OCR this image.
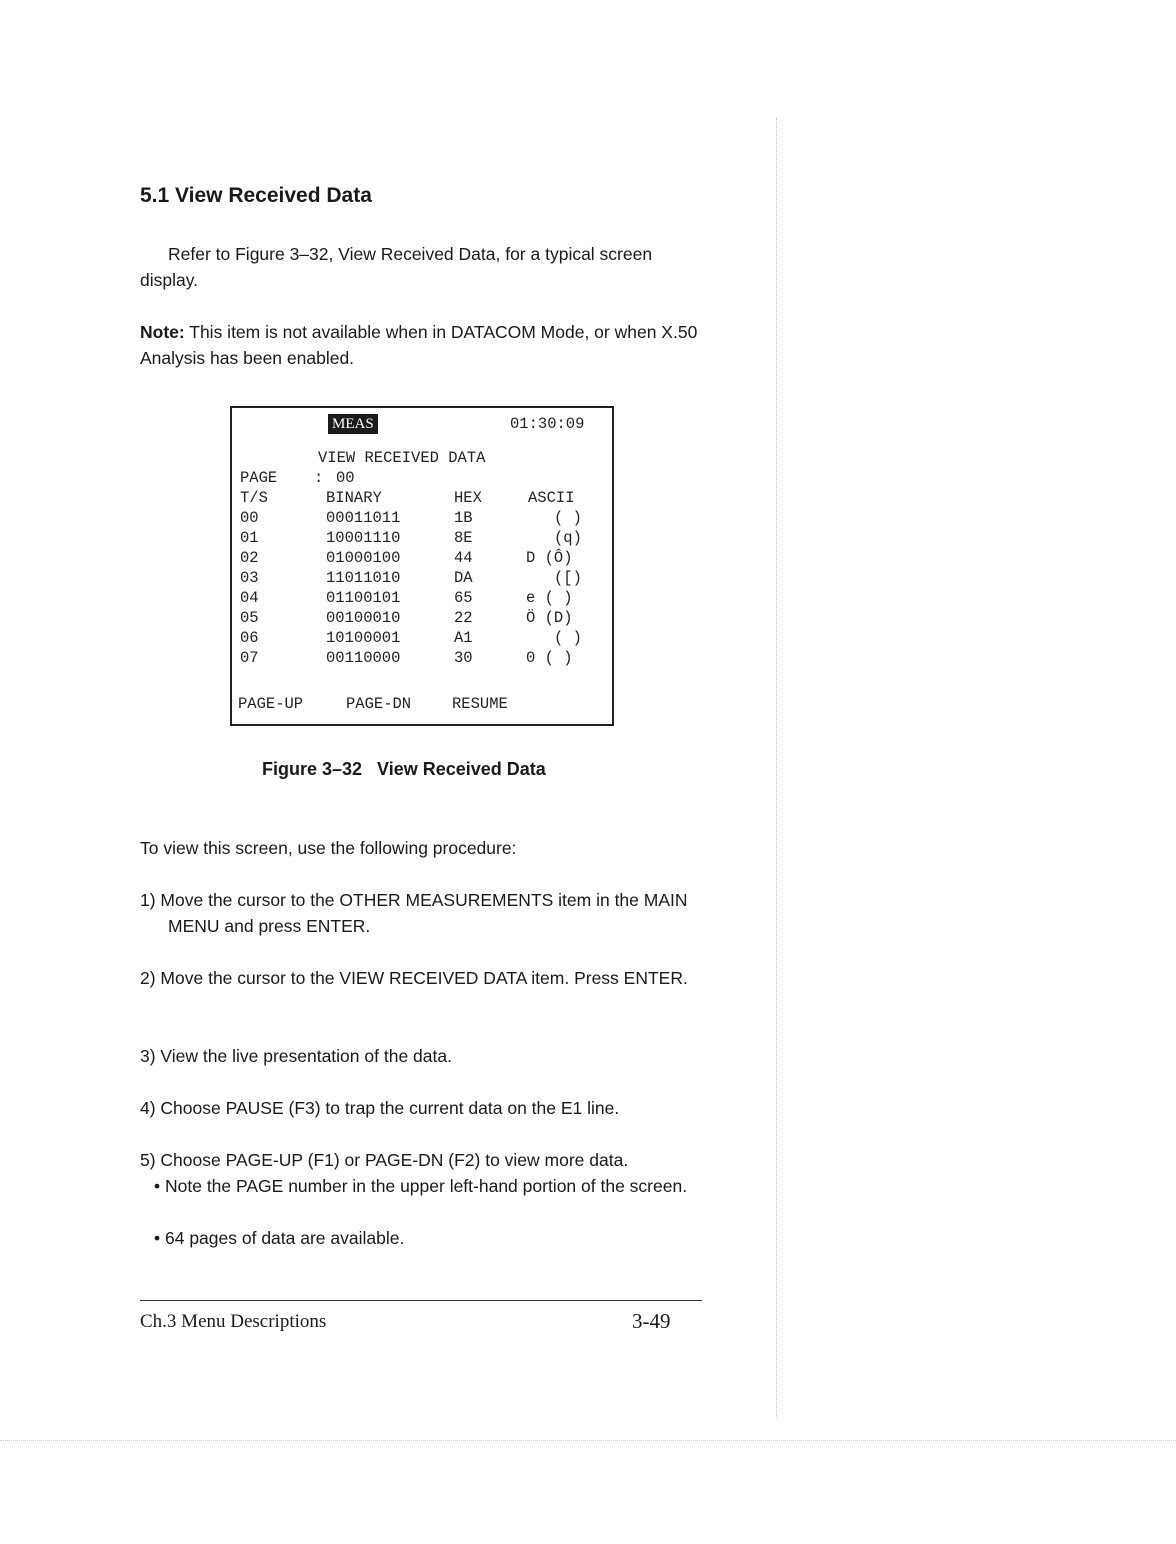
5.1 View Received Data

Refer to Figure 3–32, View Received Data, for a typical screen display.

Note: This item is not available when in DATACOM Mode, or when X.50 Analysis has been enabled.

MEAS	01:30:09
VIEW RECEIVED DATA
PAGE : 00
T/S	BINARY	HEX	ASCII
00	00011011	1B	( )
01	10001110	8E	(q)
02	01000100	44	D (Ô)
03	11011010	DA	([)
04	01100101	65	e ( )
05	00100010	22	Ö (D)
06	10100001	A1	( )
07	00110000	30	0 ( )
PAGE-UP	PAGE-DN	RESUME

Figure 3–32   View Received Data

To view this screen, use the following procedure:

1) Move the cursor to the OTHER MEASUREMENTS item in the MAIN MENU and press ENTER.

2) Move the cursor to the VIEW RECEIVED DATA item. Press ENTER.

3) View the live presentation of the data.

4) Choose PAUSE (F3) to trap the current data on the E1 line.

5) Choose PAGE-UP (F1) or PAGE-DN (F2) to view more data.

• Note the PAGE number in the upper left-hand portion of the screen.

• 64 pages of data are available.

Ch.3 Menu Descriptions	3-49
